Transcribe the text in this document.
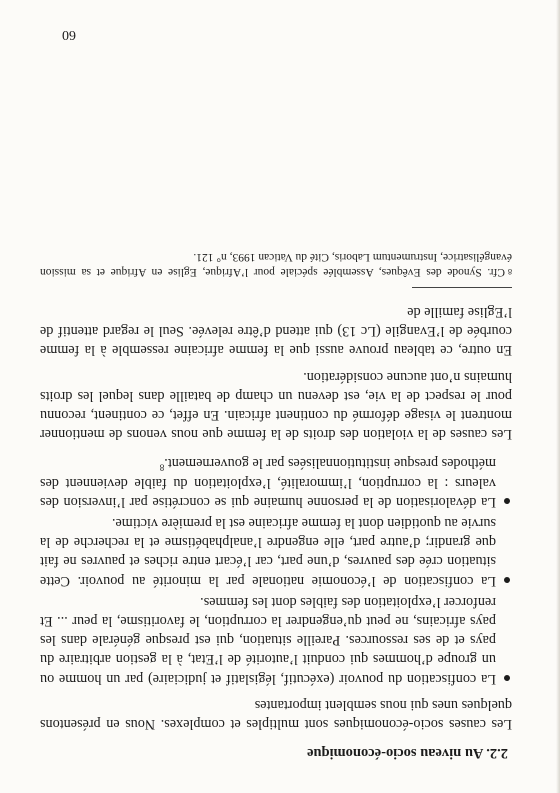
2.2. Au niveau socio-économique

Les causes socio-économiques sont multiples et complexes. Nous en présentons quelques unes qui nous semblent importantes

La confiscation du pouvoir (exécutif, législatif et judiciaire) par un homme ou un groupe d’hommes qui conduit l’autorité de l’Etat, à la gestion arbitraire du pays et de ses ressources. Pareille situation, qui est presque générale dans les pays africains, ne peut qu’engendrer la corruption, le favoritisme, la peur ... Et renforcer l’exploitation des faibles dont les femmes.
La confiscation de l’économie nationale par la minorité au pouvoir. Cette situation crée des pauvres, d’une part, car l’écart entre riches et pauvres ne fait que grandir; d’autre part, elle engendre l’analphabétisme et la recherche de la survie au quotidien dont la femme africaine est la première victime.
La dévalorisation de la personne humaine qui se concrétise par l’inversion des valeurs : la corruption, l’immoralité, l’exploitation du faible deviennent des méthodes presque institutionnalisées par le gouvernement.$^8$

Les causes de la violation des droits de la femme que nous venons de mentionner montrent le visage déformé du continent africain. En effet, ce continent, reconnu pour le respect de la vie, est devenu un champ de bataille dans lequel les droits humains n’ont aucune considération.

En outre, ce tableau prouve aussi que la femme africaine ressemble à la femme courbée de l’Evangile (Lc 13) qui attend d’être relevée. Seul le regard attentif de l’Eglise famille de

$^8$Cfr. Synode des Evêques, Assemblée spéciale pour l’Afrique, Eglise en Afrique et sa mission évangélisatrice, Instrumentum Laboris, Cité du Vatican 1993, n° 121.
60
